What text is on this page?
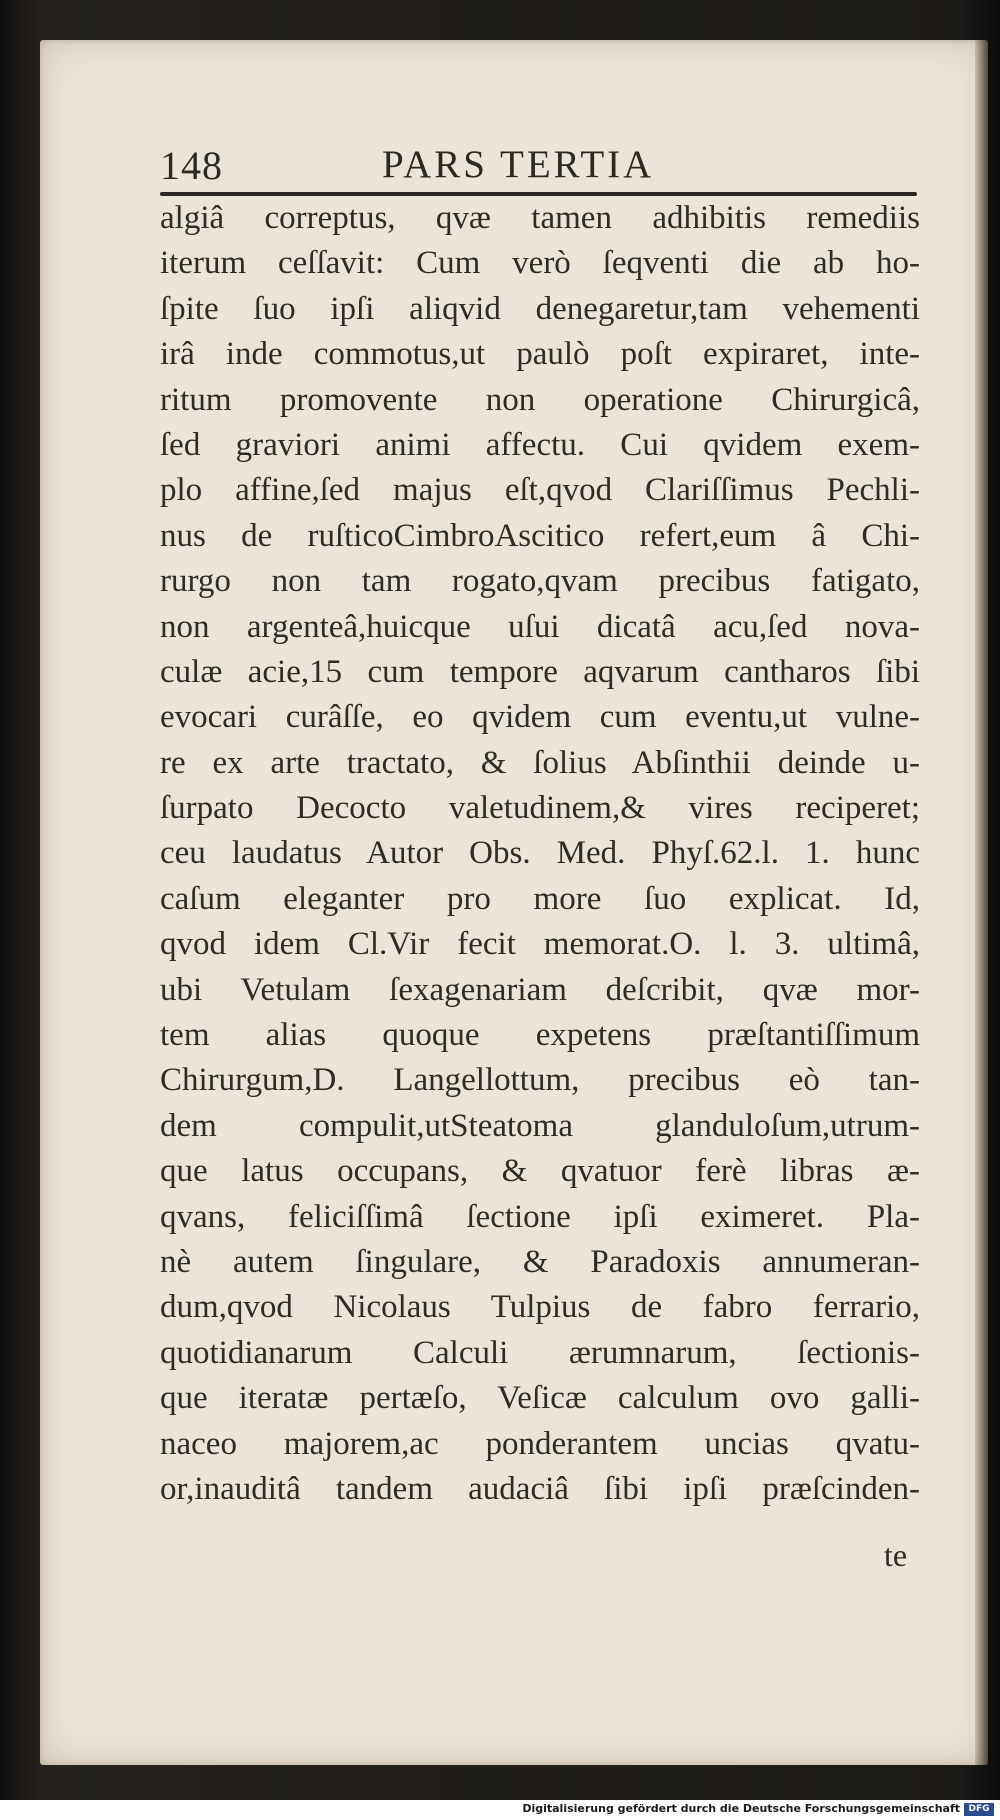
148	PARS TERTIA
algiâ correptus, qvæ tamen adhibitis remediis
iterum ceſſavit: Cum verò ſeqventi die ab ho-
ſpite ſuo ipſi aliqvid denegaretur,tam vehementi
irâ inde commotus,ut paulò poſt expiraret, inte-
ritum promovente non operatione Chirurgicâ,
ſed graviori animi affectu. Cui qvidem exem-
plo affine,ſed majus eſt,qvod Clariſſimus Pechli-
nus de ruſticoCimbroAscitico refert,eum â Chi-
rurgo non tam rogato,qvam precibus fatigato,
non argenteâ,huicque uſui dicatâ acu,ſed nova-
culæ acie,15 cum tempore aqvarum cantharos ſibi
evocari curâſſe, eo qvidem cum eventu,ut vulne-
re ex arte tractato, & ſolius Abſinthii deinde u-
ſurpato Decocto valetudinem,& vires reciperet;
ceu laudatus Autor Obs. Med. Phyſ.62.l. 1. hunc
caſum eleganter pro more ſuo explicat. Id,
qvod idem Cl.Vir fecit memorat.O. l. 3. ultimâ,
ubi Vetulam ſexagenariam deſcribit, qvæ mor-
tem alias quoque expetens præſtantiſſimum
Chirurgum,D. Langellottum, precibus eò tan-
dem compulit,utSteatoma glanduloſum,utrum-
que latus occupans, & qvatuor ferè libras æ-
qvans, feliciſſimâ ſectione ipſi eximeret. Pla-
nè autem ſingulare, & Paradoxis annumeran-
dum,qvod Nicolaus Tulpius de fabro ferrario,
quotidianarum Calculi ærumnarum, ſectionis-
que iteratæ pertæſo, Veſicæ calculum ovo galli-
naceo majorem,ac ponderantem uncias qvatu-
or,inauditâ tandem audaciâ ſibi ipſi præſcinden-
te
Digitalisierung gefördert durch die Deutsche Forschungsgemeinschaft DFG
